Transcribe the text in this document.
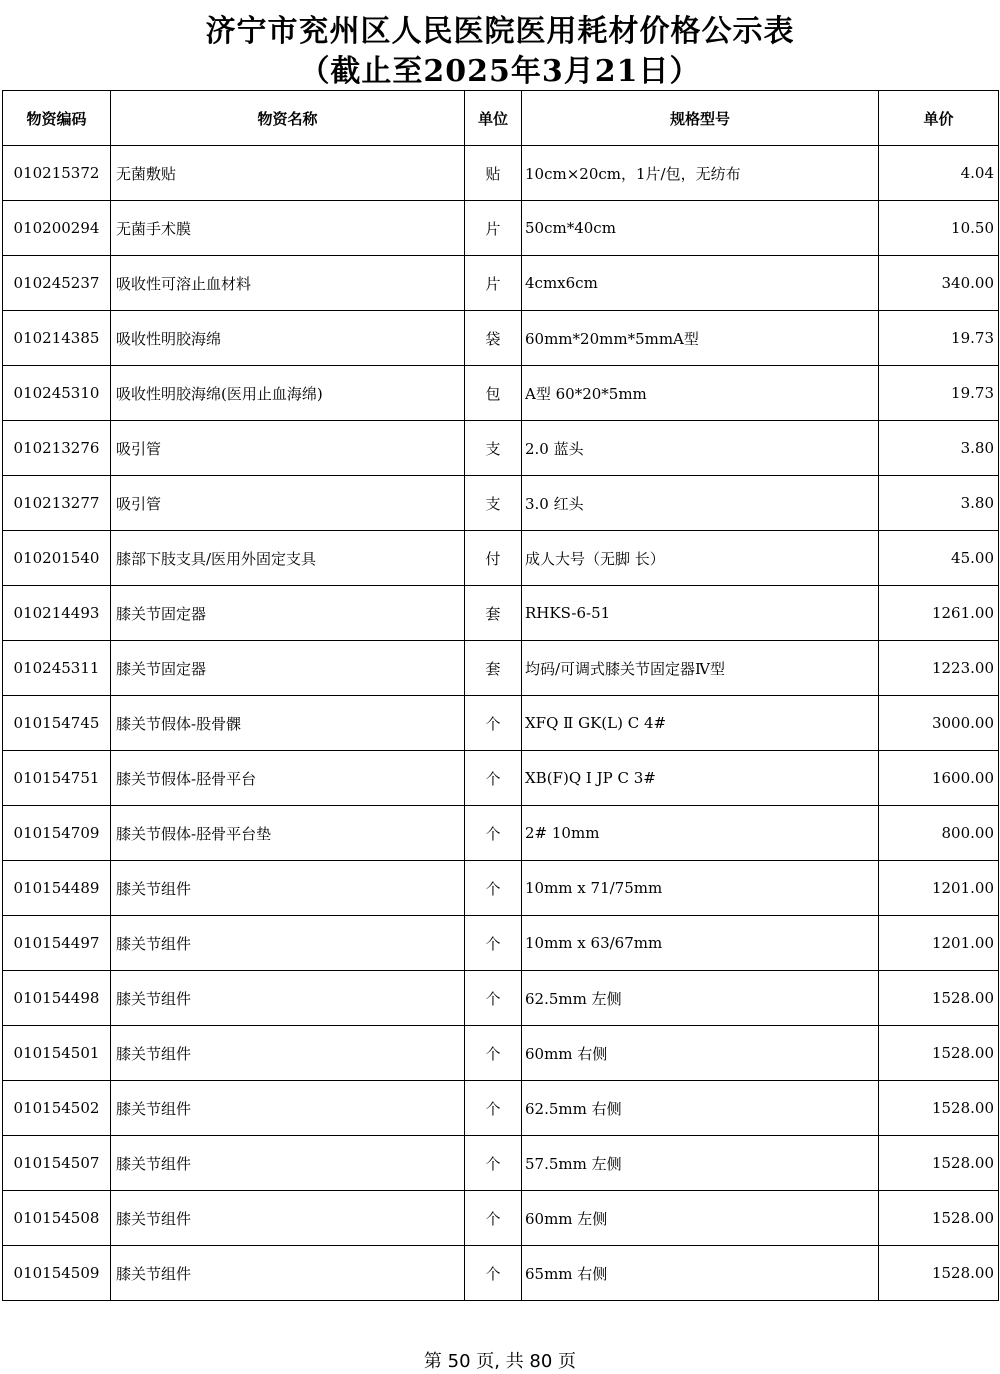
济宁市兖州区人民医院医用耗材价格公示表
（截止至2025年3月21日）
物资编码	物资名称	单位	规格型号	单价
010215372	无菌敷贴	贴	10cm×20cm，1片/包，无纺布	4.04
010200294	无菌手术膜	片	50cm*40cm	10.50
010245237	吸收性可溶止血材料	片	4cmx6cm	340.00
010214385	吸收性明胶海绵	袋	60mm*20mm*5mmA型	19.73
010245310	吸收性明胶海绵(医用止血海绵)	包	A型 60*20*5mm	19.73
010213276	吸引管	支	2.0 蓝头	3.80
010213277	吸引管	支	3.0 红头	3.80
010201540	膝部下肢支具/医用外固定支具	付	成人大号（无脚 长）	45.00
010214493	膝关节固定器	套	RHKS-6-51	1261.00
010245311	膝关节固定器	套	均码/可调式膝关节固定器Ⅳ型	1223.00
010154745	膝关节假体-股骨髁	个	XFQ Ⅱ GK(L) C 4#	3000.00
010154751	膝关节假体-胫骨平台	个	XB(F)Q Ⅰ JP C 3#	1600.00
010154709	膝关节假体-胫骨平台垫	个	2# 10mm	800.00
010154489	膝关节组件	个	10mm x 71/75mm	1201.00
010154497	膝关节组件	个	10mm x 63/67mm	1201.00
010154498	膝关节组件	个	62.5mm 左侧	1528.00
010154501	膝关节组件	个	60mm 右侧	1528.00
010154502	膝关节组件	个	62.5mm 右侧	1528.00
010154507	膝关节组件	个	57.5mm 左侧	1528.00
010154508	膝关节组件	个	60mm 左侧	1528.00
010154509	膝关节组件	个	65mm 右侧	1528.00
第 50 页, 共 80 页
